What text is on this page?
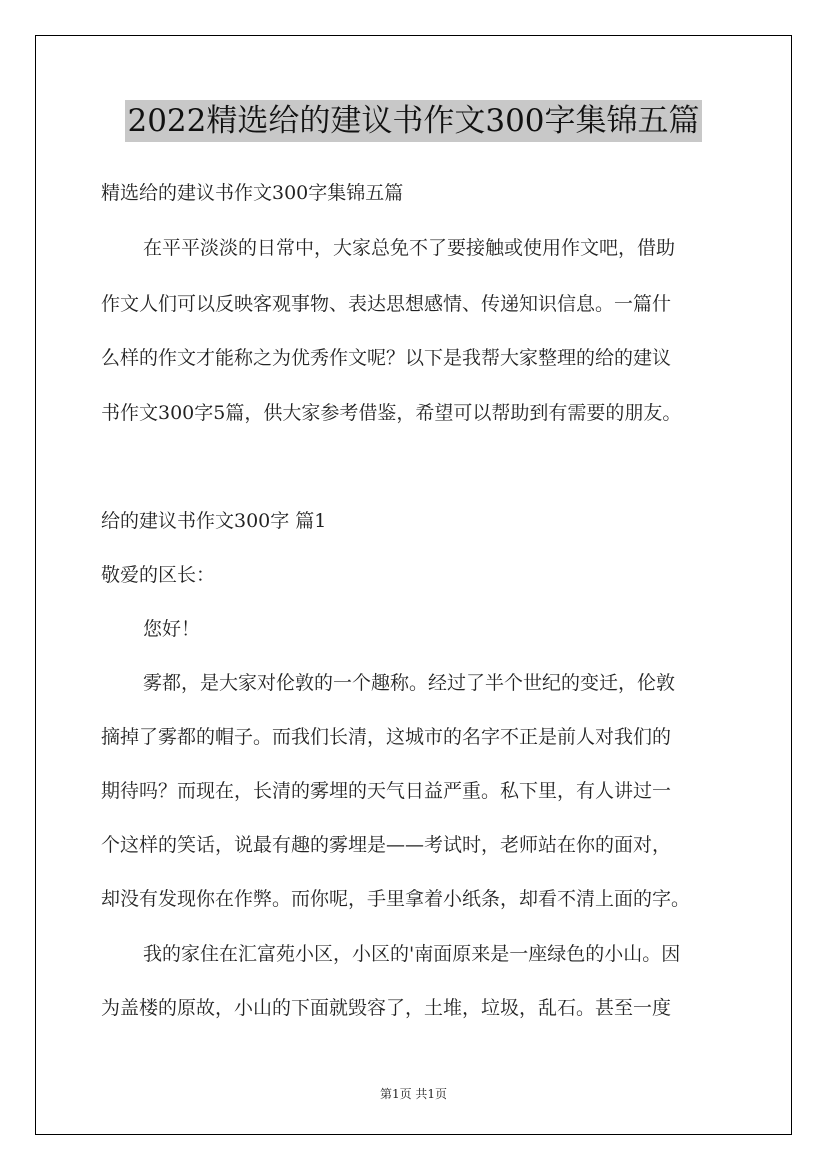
2022精选给的建议书作文300字集锦五篇
精选给的建议书作文300字集锦五篇
在平平淡淡的日常中，大家总免不了要接触或使用作文吧，借助
作文人们可以反映客观事物、表达思想感情、传递知识信息。一篇什
么样的作文才能称之为优秀作文呢？以下是我帮大家整理的给的建议
书作文300字5篇，供大家参考借鉴，希望可以帮助到有需要的朋友。
给的建议书作文300字 篇1
敬爱的区长：
您好！
雾都，是大家对伦敦的一个趣称。经过了半个世纪的变迁，伦敦
摘掉了雾都的帽子。而我们长清，这城市的名字不正是前人对我们的
期待吗？而现在，长清的雾埋的天气日益严重。私下里，有人讲过一
个这样的笑话，说最有趣的雾埋是——考试时，老师站在你的面对，
却没有发现你在作弊。而你呢，手里拿着小纸条，却看不清上面的字。
我的家住在汇富苑小区，小区的'南面原来是一座绿色的小山。因
为盖楼的原故，小山的下面就毁容了，土堆，垃圾，乱石。甚至一度
第1页 共1页
